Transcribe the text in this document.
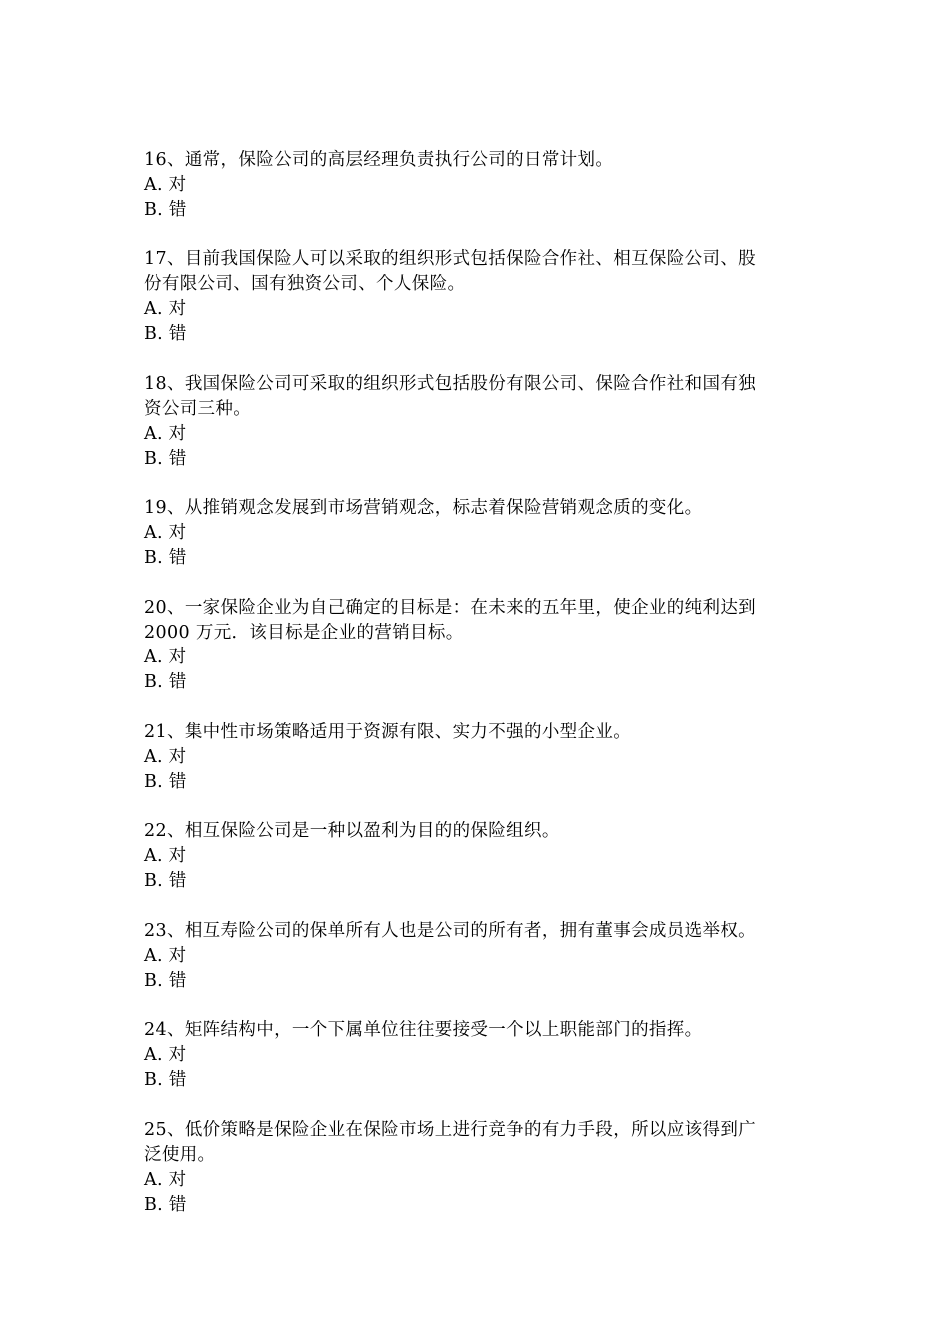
16、通常，保险公司的高层经理负责执行公司的日常计划。
A. 对
B. 错
17、目前我国保险人可以采取的组织形式包括保险合作社、相互保险公司、股
份有限公司、国有独资公司、个人保险。
A. 对
B. 错
18、我国保险公司可采取的组织形式包括股份有限公司、保险合作社和国有独
资公司三种。
A. 对
B. 错
19、从推销观念发展到市场营销观念，标志着保险营销观念质的变化。
A. 对
B. 错
20、一家保险企业为自己确定的目标是：在未来的五年里，使企业的纯利达到
2000 万元．该目标是企业的营销目标。
A. 对
B. 错
21、集中性市场策略适用于资源有限、实力不强的小型企业。
A. 对
B. 错
22、相互保险公司是一种以盈利为目的的保险组织。
A. 对
B. 错
23、相互寿险公司的保单所有人也是公司的所有者，拥有董事会成员选举权。
A. 对
B. 错
24、矩阵结构中，一个下属单位往往要接受一个以上职能部门的指挥。
A. 对
B. 错
25、低价策略是保险企业在保险市场上进行竞争的有力手段，所以应该得到广
泛使用。
A. 对
B. 错
